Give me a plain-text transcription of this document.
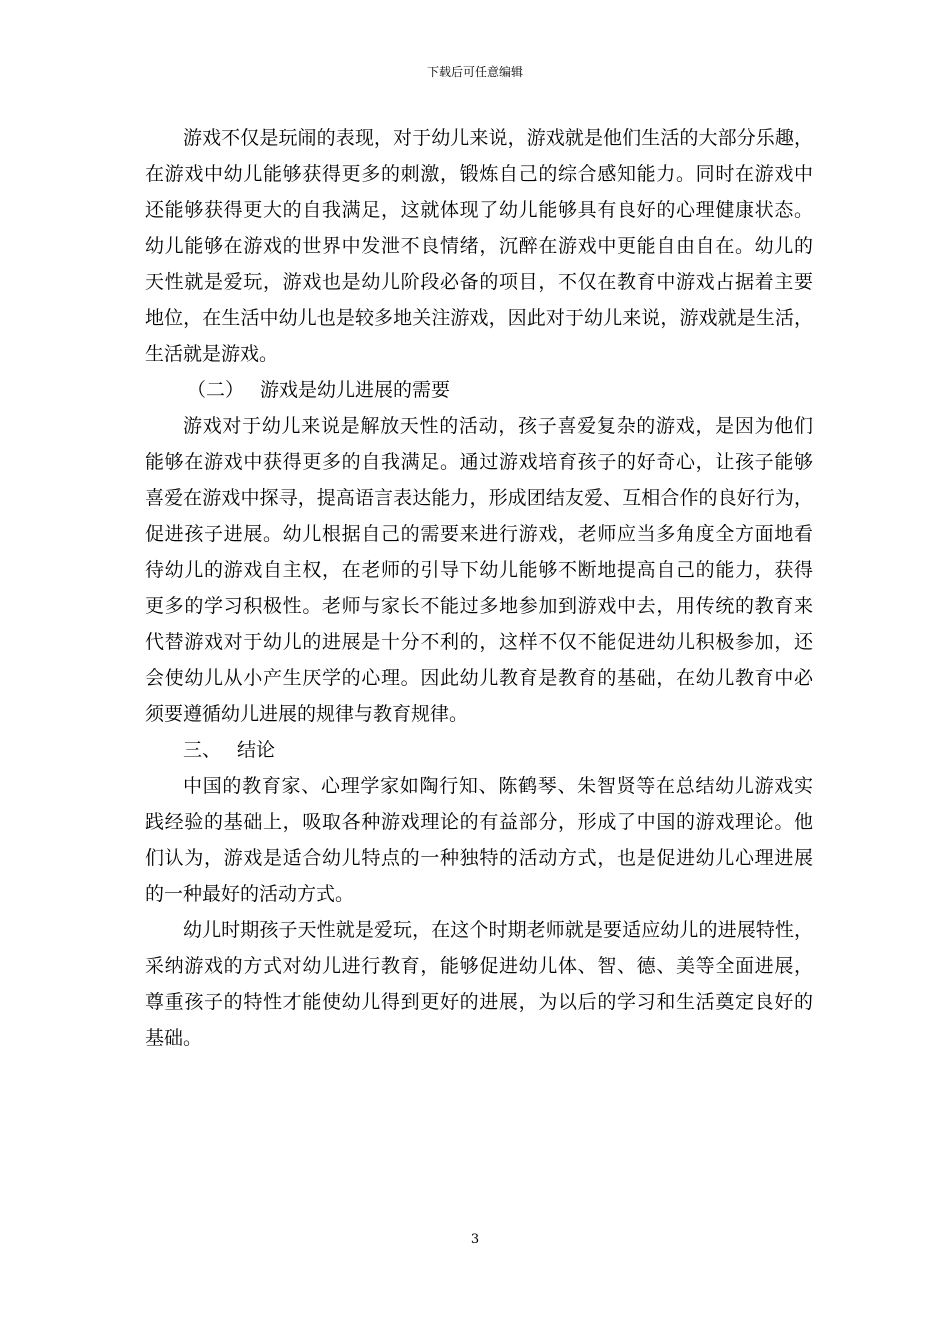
下载后可任意编辑
游戏不仅是玩闹的表现，对于幼儿来说，游戏就是他们生活的大部分乐趣，
在游戏中幼儿能够获得更多的刺激，锻炼自己的综合感知能力。同时在游戏中
还能够获得更大的自我满足，这就体现了幼儿能够具有良好的心理健康状态。
幼儿能够在游戏的世界中发泄不良情绪，沉醉在游戏中更能自由自在。幼儿的
天性就是爱玩，游戏也是幼儿阶段必备的项目，不仅在教育中游戏占据着主要
地位，在生活中幼儿也是较多地关注游戏，因此对于幼儿来说，游戏就是生活，
生活就是游戏。
（二） 游戏是幼儿进展的需要
游戏对于幼儿来说是解放天性的活动，孩子喜爱复杂的游戏，是因为他们
能够在游戏中获得更多的自我满足。通过游戏培育孩子的好奇心，让孩子能够
喜爱在游戏中探寻，提高语言表达能力，形成团结友爱、互相合作的良好行为，
促进孩子进展。幼儿根据自己的需要来进行游戏，老师应当多角度全方面地看
待幼儿的游戏自主权，在老师的引导下幼儿能够不断地提高自己的能力，获得
更多的学习积极性。老师与家长不能过多地参加到游戏中去，用传统的教育来
代替游戏对于幼儿的进展是十分不利的，这样不仅不能促进幼儿积极参加，还
会使幼儿从小产生厌学的心理。因此幼儿教育是教育的基础，在幼儿教育中必
须要遵循幼儿进展的规律与教育规律。
三、 结论
中国的教育家、心理学家如陶行知、陈鹤琴、朱智贤等在总结幼儿游戏实
践经验的基础上，吸取各种游戏理论的有益部分，形成了中国的游戏理论。他
们认为，游戏是适合幼儿特点的一种独特的活动方式，也是促进幼儿心理进展
的一种最好的活动方式。
幼儿时期孩子天性就是爱玩，在这个时期老师就是要适应幼儿的进展特性，
采纳游戏的方式对幼儿进行教育，能够促进幼儿体、智、德、美等全面进展，
尊重孩子的特性才能使幼儿得到更好的进展，为以后的学习和生活奠定良好的
基础。
3
